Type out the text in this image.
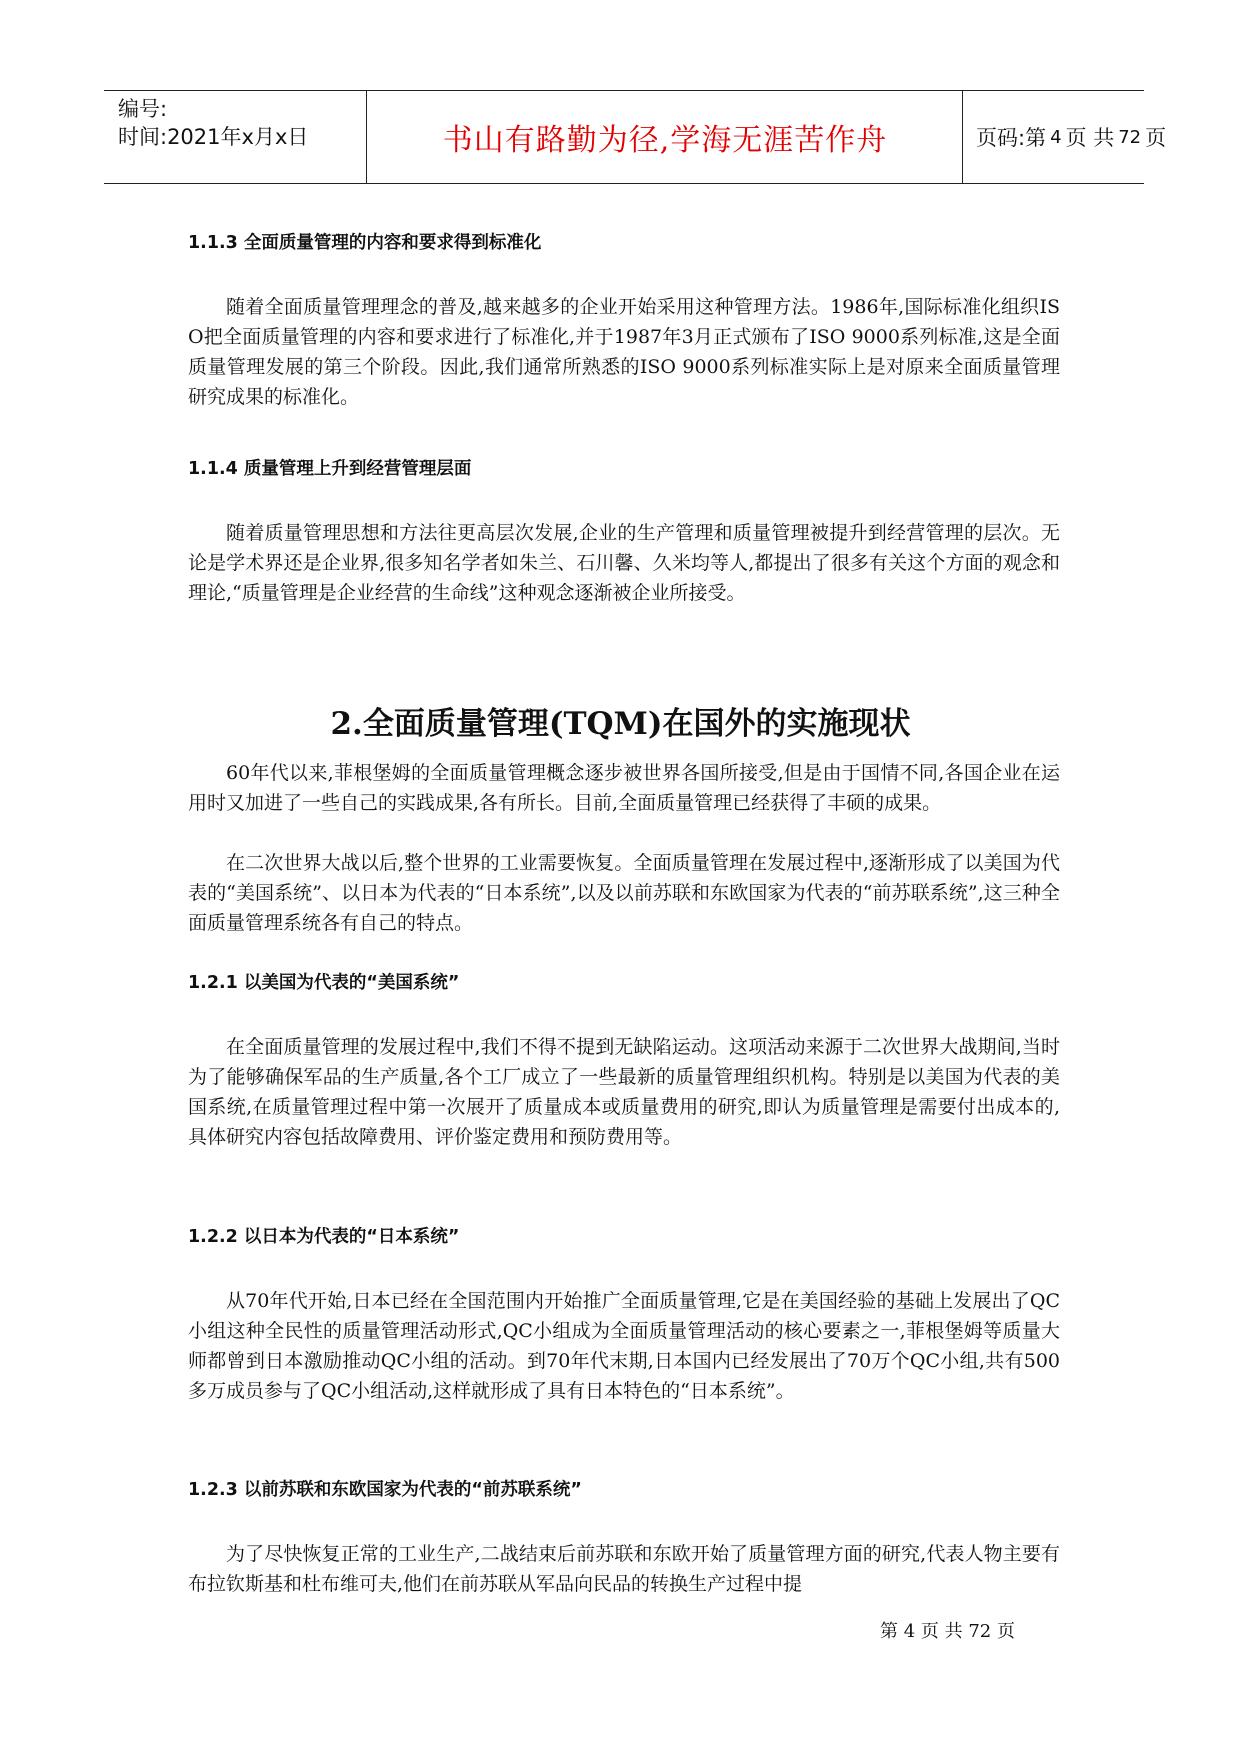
编号:
时间:2021年x月x日	书山有路勤为径,学海无涯苦作舟	页码:第 4 页 共 72 页
1.1.3 全面质量管理的内容和要求得到标准化
随着全面质量管理理念的普及,越来越多的企业开始采用这种管理方法。1986年,国际标准化组织ISO把全面质量管理的内容和要求进行了标准化,并于1987年3月正式颁布了ISO 9000系列标准,这是全面质量管理发展的第三个阶段。因此,我们通常所熟悉的ISO 9000系列标准实际上是对原来全面质量管理研究成果的标准化。
1.1.4 质量管理上升到经营管理层面
随着质量管理思想和方法往更高层次发展,企业的生产管理和质量管理被提升到经营管理的层次。无论是学术界还是企业界,很多知名学者如朱兰、石川馨、久米均等人,都提出了很多有关这个方面的观念和理论,“质量管理是企业经营的生命线”这种观念逐渐被企业所接受。
2.全面质量管理(TQM)在国外的实施现状
60年代以来,菲根堡姆的全面质量管理概念逐步被世界各国所接受,但是由于国情不同,各国企业在运用时又加进了一些自己的实践成果,各有所长。目前,全面质量管理已经获得了丰硕的成果。
在二次世界大战以后,整个世界的工业需要恢复。全面质量管理在发展过程中,逐渐形成了以美国为代表的“美国系统”、以日本为代表的“日本系统”,以及以前苏联和东欧国家为代表的“前苏联系统”,这三种全面质量管理系统各有自己的特点。
1.2.1 以美国为代表的“美国系统”
在全面质量管理的发展过程中,我们不得不提到无缺陷运动。这项活动来源于二次世界大战期间,当时为了能够确保军品的生产质量,各个工厂成立了一些最新的质量管理组织机构。特别是以美国为代表的美国系统,在质量管理过程中第一次展开了质量成本或质量费用的研究,即认为质量管理是需要付出成本的,具体研究内容包括故障费用、评价鉴定费用和预防费用等。
1.2.2 以日本为代表的“日本系统”
从70年代开始,日本已经在全国范围内开始推广全面质量管理,它是在美国经验的基础上发展出了QC小组这种全民性的质量管理活动形式,QC小组成为全面质量管理活动的核心要素之一,菲根堡姆等质量大师都曾到日本激励推动QC小组的活动。到70年代末期,日本国内已经发展出了70万个QC小组,共有500多万成员参与了QC小组活动,这样就形成了具有日本特色的“日本系统”。
1.2.3 以前苏联和东欧国家为代表的“前苏联系统”
为了尽快恢复正常的工业生产,二战结束后前苏联和东欧开始了质量管理方面的研究,代表人物主要有布拉钦斯基和杜布维可夫,他们在前苏联从军品向民品的转换生产过程中提
第 4 页 共 72 页
